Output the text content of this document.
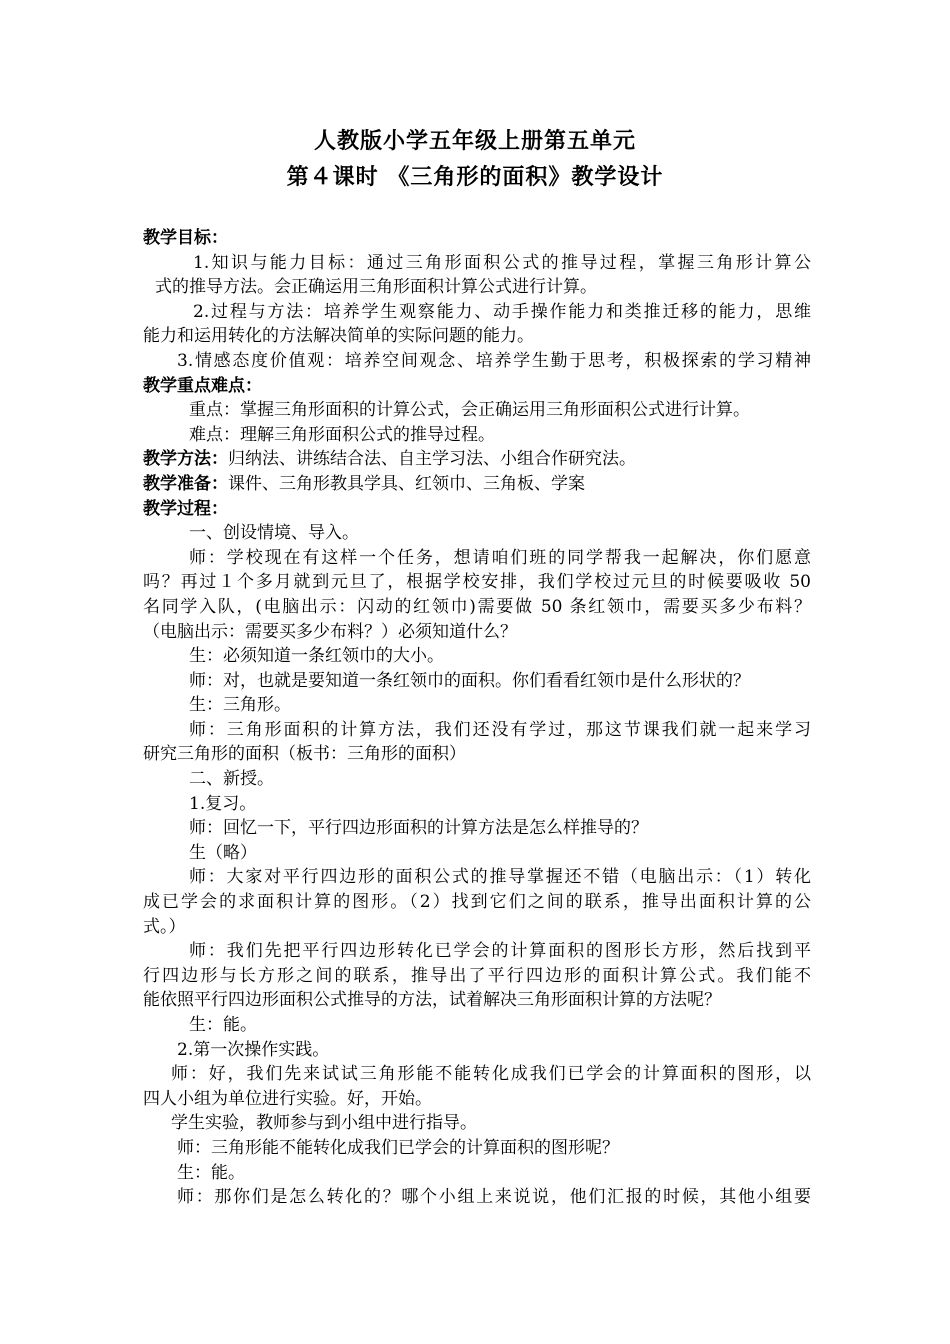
人教版小学五年级上册第五单元
第４课时 《三角形的面积》教学设计
教学目标：
1.知识与能力目标：通过三角形面积公式的推导过程，掌握三角形计算公
式的推导方法。会正确运用三角形面积计算公式进行计算。
2.过程与方法：培养学生观察能力、动手操作能力和类推迁移的能力，思维
能力和运用转化的方法解决简单的实际问题的能力。
3.情感态度价值观：培养空间观念、培养学生勤于思考，积极探索的学习精神
教学重点难点：
重点：掌握三角形面积的计算公式，会正确运用三角形面积公式进行计算。
难点：理解三角形面积公式的推导过程。
教学方法：归纳法、讲练结合法、自主学习法、小组合作研究法。
教学准备：课件、三角形教具学具、红领巾、三角板、学案
教学过程：
一、创设情境、导入。
师：学校现在有这样一个任务，想请咱们班的同学帮我一起解决，你们愿意
吗？再过１个多月就到元旦了，根据学校安排，我们学校过元旦的时候要吸收 50
名同学入队，(电脑出示：闪动的红领巾)需要做 50 条红领巾，需要买多少布料？
（电脑出示：需要买多少布料？）必须知道什么？
生：必须知道一条红领巾的大小。
师：对，也就是要知道一条红领巾的面积。你们看看红领巾是什么形状的？
生：三角形。
师：三角形面积的计算方法，我们还没有学过，那这节课我们就一起来学习
研究三角形的面积（板书：三角形的面积）
二、新授。
1.复习。
师：回忆一下，平行四边形面积的计算方法是怎么样推导的？
生（略）
师：大家对平行四边形的面积公式的推导掌握还不错（电脑出示：（1）转化
成已学会的求面积计算的图形。（2）找到它们之间的联系，推导出面积计算的公
式。）
师：我们先把平行四边形转化已学会的计算面积的图形长方形，然后找到平
行四边形与长方形之间的联系，推导出了平行四边形的面积计算公式。我们能不
能依照平行四边形面积公式推导的方法，试着解决三角形面积计算的方法呢？
生：能。
2.第一次操作实践。
师：好，我们先来试试三角形能不能转化成我们已学会的计算面积的图形，以
四人小组为单位进行实验。好，开始。
学生实验，教师参与到小组中进行指导。
师：三角形能不能转化成我们已学会的计算面积的图形呢？
生：能。
师：那你们是怎么转化的？哪个小组上来说说，他们汇报的时候，其他小组要
